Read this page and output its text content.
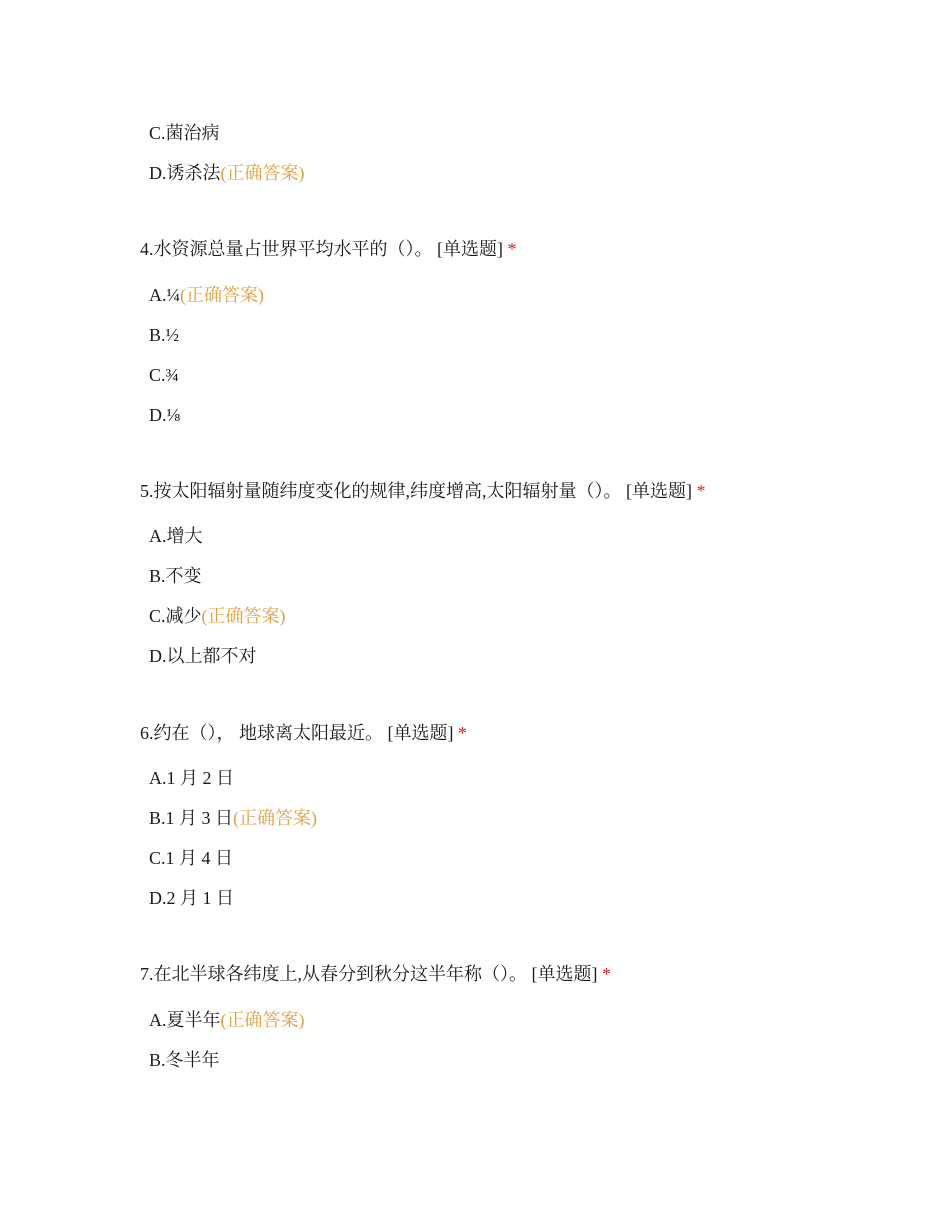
C.菌治病
D.诱杀法(正确答案)
4.水资源总量占世界平均水平的（）。 [单选题] *
A.¼(正确答案)
B.½
C.¾
D.⅛
5.按太阳辐射量随纬度变化的规律,纬度增高,太阳辐射量（）。 [单选题] *
A.增大
B.不变
C.减少(正确答案)
D.以上都不对
6.约在（）， 地球离太阳最近。 [单选题] *
A.1 月 2 日
B.1 月 3 日(正确答案)
C.1 月 4 日
D.2 月 1 日
7.在北半球各纬度上,从春分到秋分这半年称（）。 [单选题] *
A.夏半年(正确答案)
B.冬半年
